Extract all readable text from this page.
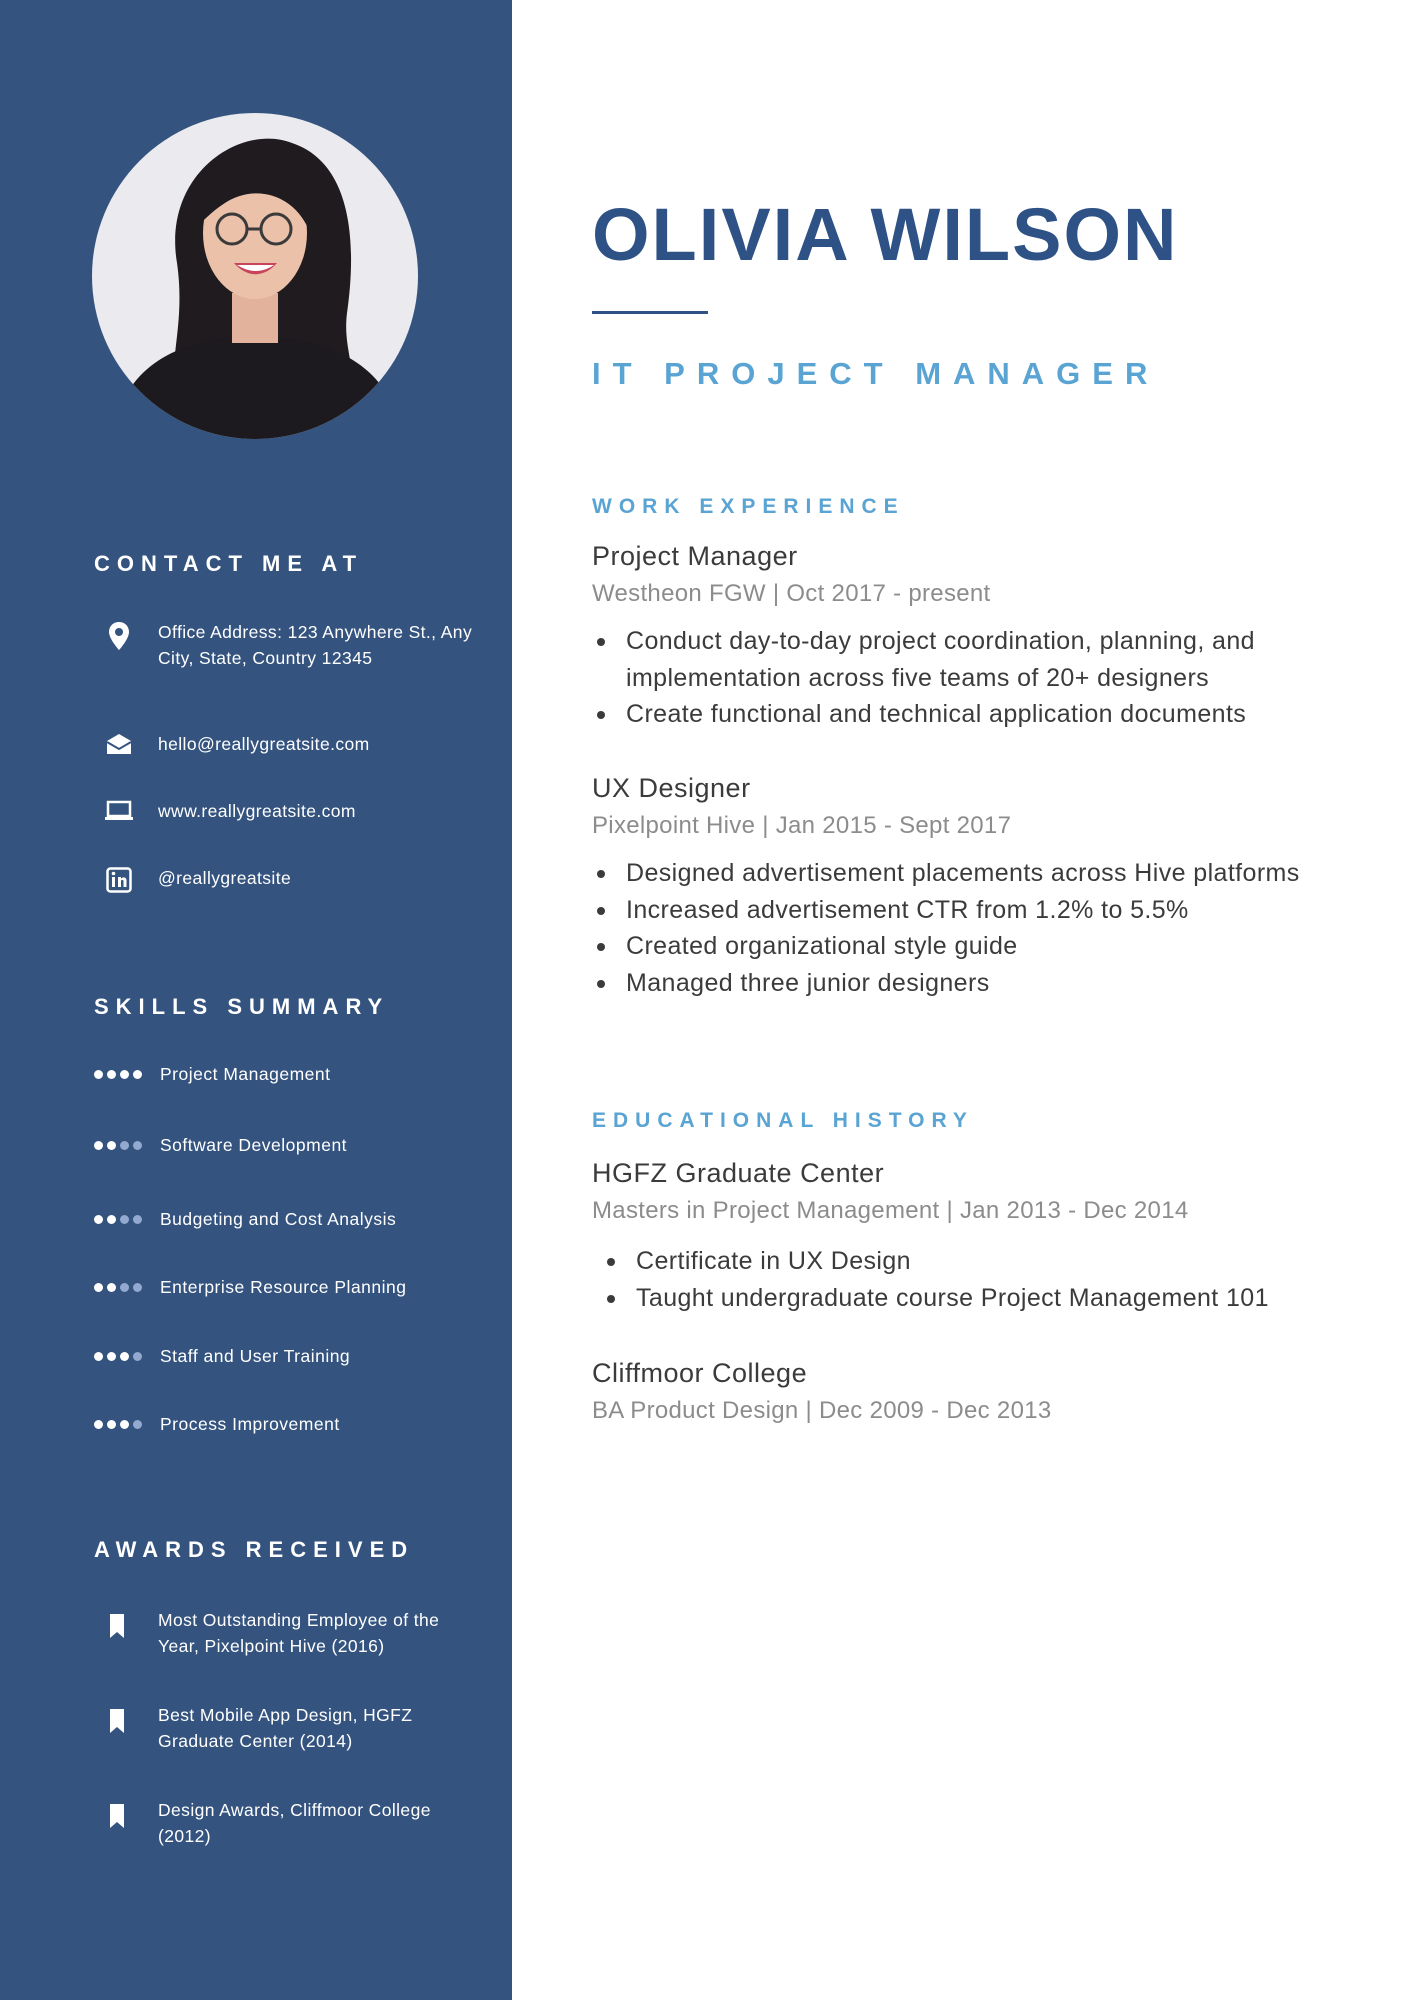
CONTACT ME AT
Office Address: 123 Anywhere St., Any City, State, Country 12345
hello@reallygreatsite.com
www.reallygreatsite.com
@reallygreatsite
SKILLS SUMMARY
Project Management
Software Development
Budgeting and Cost Analysis
Enterprise Resource Planning
Staff and User Training
Process Improvement
AWARDS RECEIVED
Most Outstanding Employee of the Year, Pixelpoint Hive (2016)
Best Mobile App Design, HGFZ Graduate Center (2014)
Design Awards, Cliffmoor College (2012)
OLIVIA WILSON
IT PROJECT MANAGER
WORK EXPERIENCE
Project Manager
Westheon FGW | Oct 2017 - present
Conduct day-to-day project coordination, planning, and implementation across five teams of 20+ designers
Create functional and technical application documents
UX Designer
Pixelpoint Hive | Jan 2015 - Sept 2017
Designed advertisement placements across Hive platforms
Increased advertisement CTR from 1.2% to 5.5%
Created organizational style guide
Managed three junior designers
EDUCATIONAL HISTORY
HGFZ Graduate Center
Masters in Project Management | Jan 2013 - Dec 2014
Certificate in UX Design
Taught undergraduate course Project Management 101
Cliffmoor College
BA Product Design | Dec 2009 - Dec 2013
